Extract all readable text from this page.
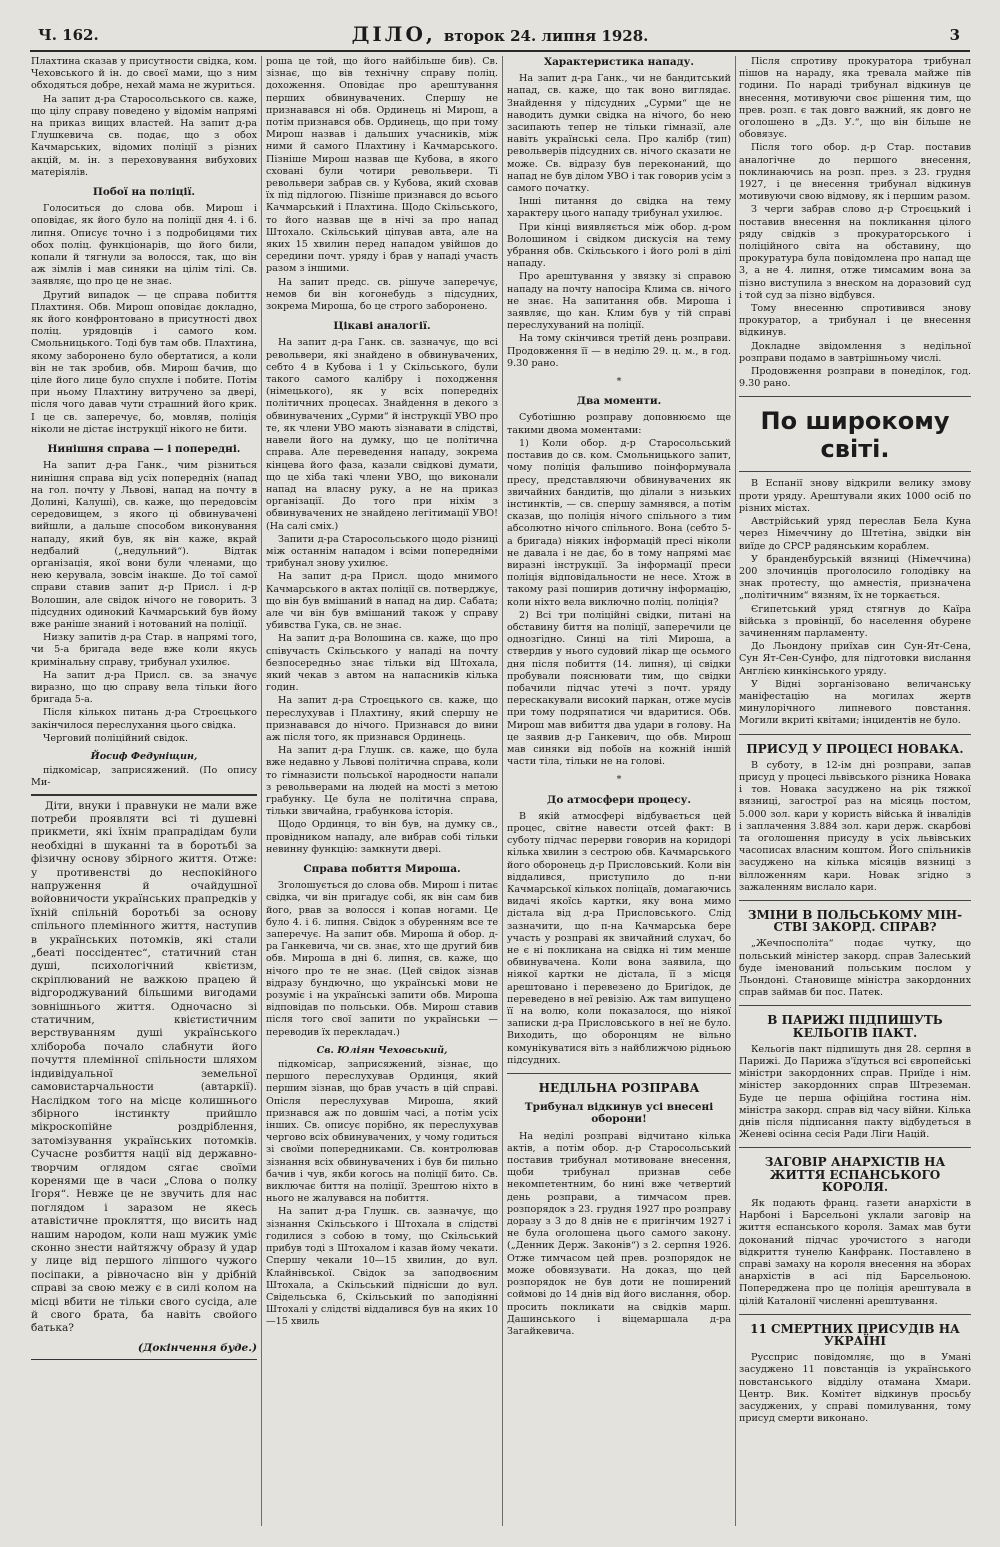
Ч. 162.	ДІЛО, второк 24. липня 1928.	3

Плахтина сказав у присутности свідка, ком. Чеховського й ін. до своєї мами, що з ним обходяться добре, нехай мама не журиться.

На запит д-ра Старосольського св. каже, що цілу справу поведено у відомім напрямі на приказ вищих властей. На запит д-ра Глушкевича св. подає, що з обох Качмарських, відомих поліції з різних акцій, м. ін. з переховування вибухових матеріялів.

Побої на поліції.

Голоситься до слова обв. Мирош і оповідає, як його було на поліції дня 4. і 6. липня. Описує точно і з подробицями тих обох поліц. функціонарів, що його били, копали й тягнули за волосся, так, що він аж зімлів і мав синяки на цілім тілі. Св. заявляє, що про це не знає.

Другий випадок — це справа побиття Плахтиня. Обв. Мирош оповідає докладно, як його конфронтовано в присутності двох поліц. урядовців і самого ком. Смольницького. Тоді був там обв. Плахтина, якому заборонено було обертатися, а коли він не так зробив, обв. Мирош бачив, що ціле його лице було спухле і побите. Потім при ньому Плахтину витручено за двері, після чого давав чути страшний його крик. І це св. заперечує, бо, мовляв, поліція ніколи не дістає інструкції нікого не бити.

Нинішня справа — і попередні.

На запит д-ра Ганк., чим різниться нинішня справа від усіх попередніх (напад на гол. почту у Львові, напад на почту в Долині, Калуші), св. каже, що передовсім середовищем, з якого ці обвинувачені вийшли, а дальше способом виконування нападу, який був, як він каже, вкрай недбалий („недульний“). Відтак організація, якої вони були членами, що нею керувала, зовсім інакше. До тої самої справи ставив запит д-р Присл. і д-р Волошин, але свідок нічого не говорить. З підсудних одинокий Качмарський був йому вже раніше знаний і нотований на поліції.

Низку запитів д-ра Стар. в напрямі того, чи 5-а бригада веде вже коли якусь кримінальну справу, трибунал ухилює.

На запит д-ра Присл. св. за значує виразно, що цю справу вела тільки його бригада 5-а.

Після кількох питань д-ра Строєцького закінчилося переслухання цього свідка.

Черговий поліційний свідок.

Йосиф Федуніщин,

підкомісар, заприсяжений. (По опису Ми-

Діти, внуки і правнуки не мали вже потреби проявляти всі ті душевні прикмети, які їхнім прапрадідам були необхідні в шуканні та в боротьбі за фізичну основу збірного життя. Отже: у противенстві до неспокійного напруження й очайдушної войовничости українських прапредків у їхній спільній боротьбі за основу спільного племінного життя, наступив в українських потомків, які стали „беаті поссідентес“, статичний стан душі, психологічний квієтизм, скріплюваний не важкою працею й відгороджуваний більшими вигодами зовнішнього життя. Одночасно зі статичним, квієтистичним верствуванням душі українського хлібороба почало слабнути його почуття племінної спільности шляхом індивідуальної земельної самовистарчальности (автаркії). Наслідком того на місце колишнього збірного інстинкту прийшло мікроскопійне роздріблення, затомізування українських потомків. Сучасне розбиття нації від державно-творчим оглядом сягає своїми коренями ще в часи „Слова о полку Ігоря“. Невже це не звучить для нас поглядом і заразом не якесь атавістичне прокляття, що висить над нашим народом, коли наш мужик уміє сконно знести найтяжчу образу й удар у лице від першого ліпшого чужого посіпаки, а рівночасно він у дрібній справі за свою межу є в силі колом на місці вбити не тільки свого сусіда, але й свого брата, ба навіть свойого батька?

(Докінчення буде.)

роша це той, що його найбільше бив). Св. зізнає, що вів технічну справу поліц. дохоження. Оповідає про арештування перших обвинувачених. Спершу не признавався ні обв. Ординець ні Мирош, а потім признався обв. Ординець, що при тому Мирош назвав і дальших учасників, між ними й самого Плахтину і Качмарського. Пізніше Мирош назвав ще Кубова, в якого сховані були чотири револьвери. Ті револьвери забрав св. у Кубова, який сховав їх під підлогою. Пізніше признався до всього Качмарський і Плахтина. Щодо Скільського, то його назвав ще в нічі за про напад Штохало. Скільський ціпував авта, але на яких 15 хвилин перед нападом увійшов до середини почт. уряду і брав у нападі участь разом з іншими.

На запит предс. св. рішуче заперечує, немов би він когонебудь з підсудних, зокрема Мироша, бо це строго заборонено.

Цікаві аналогії.

На запит д-ра Ганк. св. зазначує, що всі револьвери, які знайдено в обвинувачених, себто 4 в Кубова і 1 у Скільського, були такого самого калібру і походження (німецького), як у всіх попередніх політичних процесах. Знайдення в декого з обвинувачених „Сурми“ й інструкції УВО про те, як члени УВО мають зізнавати в слідстві, навели його на думку, що це політична справа. Але переведення нападу, зокрема кінцева його фаза, казали свідкові думати, що це хіба такі члени УВО, що виконали напад на власну руку, а не на приказ організації. До того при ніхім з обвинувачених не знайдено легітимації УВО! (На салі сміх.)

Запити д-ра Старосольського щодо різниці між останнім нападом і всіми попередніми трибунал знову ухилює.

На запит д-ра Присл. щодо мнимого Качмарського в актах поліції св. потверджує, що він був вмішаний в напад на дир. Сабата; але чи він був вмішаний також у справу убивства Гука, св. не знає.

На запит д-ра Волошина св. каже, що про співучасть Скільського у нападі на почту безпосередньо знає тільки від Штохала, який чекав з автом на напасників кілька годин.

На запит д-ра Строєцького св. каже, що переслухував і Плахтину, який спершу не признавався до нічого. Признався до вини аж після того, як признався Ординець.

На запит д-ра Глушк. св. каже, що була вже недавно у Львові політична справа, коли то гімназисти польської народности напали з револьверами на людей на мості з метою грабунку. Це була не політична справа, тільки звичайна, грабункова історія.

Щодо Ординця, то він був, на думку св., провідником нападу, але вибрав собі тільки невинну функцію: замкнути двері.

Справа побиття Мироша.

Зголошується до слова обв. Мирош і питає свідка, чи він пригадує собі, як він сам бив його, рвав за волосся і копав ногами. Це було 4. і 6. липня. Свідок з обуренням все те заперечує. На запит обв. Мироша й обор. д-ра Ганкевича, чи св. знає, хто ще другий бив обв. Мироша в дні 6. липня, св. каже, що нічого про те не знає. (Цей свідок зізнав відразу бундючно, що українські мови не розуміє і на українські запити обв. Мироша відповідав по польськи. Обв. Мирош ставив після того свої запити по українськи — переводив їх перекладач.)

Св. Юліян Чеховський,

підкомісар, заприсяжений, зізнає, що першого переслухував Ординця, який першим зізнав, що брав участь в цій справі. Опісля переслухував Мироша, який признався аж по довшім часі, а потім усіх інших. Св. описує порібно, як переслухував чергово всіх обвинувачених, у чому годиться зі своїми попередниками. Св. контролював зізнання всіх обвинувачених і був би пильно бачив і чув, якби когось на поліції бито. Св. виключає биття на поліції. Зрештою ніхто в нього не жалувався на побиття.

На запит д-ра Глушк. св. зазначує, що зізнання Скільського і Штохала в слідстві годилися з собою в тому, що Скільський прибув тоді з Штохалом і казав йому чекати. Спершу чекали 10—15 хвилин, до вул. Клайнівської. Свідок за заподвоєним Штохала, а Скільський піднісши до вул. Свідельська 6, Скільський по заподіянні Штохалі у слідстві віддалився був на яких 10—15 хвиль

Характеристика нападу.

На запит д-ра Ганк., чи не бандитський напад, св. каже, що так воно виглядає. Знайдення у підсудних „Сурми“ ще не наводить думки свідка на нічого, бо нею засипають тепер не тільки гімназії, але навіть українські села. Про калібр (тип) револьверів підсудних св. нічого сказати не може. Св. відразу був переконаний, що напад не був ділом УВО і так говорив усім з самого початку.

Інші питання до свідка на тему характеру цього нападу трибунал ухилює.

При кінці виявляється між обор. д-ром Волошином і свідком дискусія на тему убрання обв. Скільського і його ролі в ділі нападу.

Про арештування у звязку зі справою нападу на почту напосіра Клима св. нічого не знає. На запитання обв. Мироша і заявляє, що кан. Клим був у тій справі переслухуваний на поліції.

На тому скінчився третій день розправи. Продовження її — в неділю 29. ц. м., в год. 9.30 рано.

*
Два моменти.

Суботішню розправу доповнюємо ще такими двома моментами:

1) Коли обор. д-р Старосольський поставив до св. ком. Смольницького запит, чому поліція фальшиво поінформувала пресу, представляючи обвинувачених як звичайних бандитів, що ділали з низьких інстинктів, — св. спершу замнявся, а потім сказав, що поліція нічого спільного з тим абсолютно нічого спільного. Вона (себто 5-а бригада) ніяких інформацій пресі ніколи не давала і не дає, бо в тому напрямі має виразні інструкції. За інформації преси поліція відповідальности не несе. Хтож в такому разі поширив дотичну інформацію, коли ніхто вела виключно поліц. поліція?

2) Всі три поліційні свідки, питані на обставину биття на поліції, заперечили це однозгідно. Синці на тілі Мироша, а ствердив у нього судовий лікар ще осьмого дня після побиття (14. липня), ці свідки пробували пояснювати тим, що свідки побачили підчас утечі з почт. уряду перескакували високий паркан, отже мусів при тому подряпатися чи вдаритися. Обв. Мирош мав вибиття два удари в голову. На це заявив д-р Ганкевич, що обв. Мирош мав синяки від побоїв на кожній іншій части тіла, тільки не на голові.

*
До атмосфери процесу.

В якій атмосфері відбувається цей процес, світне навести отсей факт: В суботу підчас перерви говорив на коридорі кілька хвилин з сестрою обв. Качмарського його оборонець д-р Присловський. Коли він віддалився, приступило до п-ни Качмарської кількох поліцаїв, домагаючись видачі якоїсь картки, яку вона мимо дістала від д-ра Присловського. Слід зазначити, що п-на Качмарська бере участь у розправі як звичайний слухач, бо не є ні покликана на свідка ні тим менше обвинувачена. Коли вона заявила, що ніякої картки не дістала, її з місця арештовано і перевезено до Бригідок, де переведено в неї ревізію. Аж там випущено її на волю, коли показалося, що ніякої записки д-ра Присловського в неї не було. Виходить, що оборонцям не вільно комунікуватися віть з найближчою рідньою підсудних.

НЕДІЛЬНА РОЗПРАВА
Трибунал відкинув усі внесені оборони!

На неділі розправі відчитано кілька актів, а потім обор. д-р Старосольський поставив трибунал мотивоване внесення, щоби трибунал признав себе некомпетентним, бо нині вже четвертий день розправи, а тимчасом прев. розпорядок з 23. грудня 1927 про розправу доразу з 3 до 8 днів не є пригінчим 1927 і не була оголошена цього самого закону. („Денник Держ. Законів“) з 2. серпня 1926. Отже тимчасом цей прев. розпорядок не може обовязувати. На доказ, що цей розпорядок не був доти не поширений соймові до 14 днів від його вислання, обор. просить покликати на свідків марш. Дашинського і віцемаршала д-ра Загайкевича.

Після спротиву прокуратора трибунал пішов на нараду, яка тревала майже пів години. По нараді трибунал відкинув це внесення, мотивуючи своє рішення тим, що прев. розп. є так довго важний, як довго не оголошено в „Дз. У.“, що він більше не обовязує.

Після того обор. д-р Стар. поставив аналогічне до першого внесення, поклинаючись на розп. през. з 23. грудня 1927, і це внесення трибунал відкинув мотивуючи свою відмову, як і першим разом.

З черги забрав слово д-р Строєцький і поставив внесення на покликання цілого ряду свідків з прокураторського і поліційного світа на обставину, що прокуратура була повідомлена про напад ще 3, а не 4. липня, отже тимсамим вона за пізно виступила з внеском на доразовий суд і той суд за пізно відбувся.

Тому внесенню спротивився знову прокуратор, а трибунал і це внесення відкинув.

Докладне звідомлення з недільної розправи подамо в завтрішньому числі.

Продовження розправи в понеділок, год. 9.30 рано.

По широкому світі.

В Еспанії знову відкрили велику змову проти уряду. Арештували яких 1000 осіб по різних містах.

Австрійський уряд переслав Бела Куна через Німеччину до Штетіна, звідки він виїде до СРСР радянським кораблем.

У бранденбурській вязниці (Німеччина) 200 злочинців проголосило голодівку на знак протесту, що амнестія, призначена „політичним“ вязням, їх не торкається.

Єгипетський уряд стягнув до Каїра війська з провінції, бо населення обурене зачиненням парламенту.

До Льондону приїхав син Сун-Ят-Сена, Сун Ят-Сен-Сунфо, для підготовки вислання Англією кинкінського уряду.

У Відні зорганізовано величанську маніфестацію на могилах жертв минулорічного липневого повстання. Могили вкриті квітами; інцидентів не було.

ПРИСУД У ПРОЦЕСІ НОВАКА.

В суботу, в 12-ім дні розправи, запав присуд у процесі львівського різника Новака і тов. Новака засуджено на рік тяжкої вязниці, загострої раз на місяць постом, 5.000 зол. кари у користь війська й інвалідів і заплачення 3.884 зол. кари держ. скарбові та оголошення присуду в усіх львівських часописах власним коштом. Його спільників засуджено на кілька місяців вязниці з вілложенням кари. Новак згідно з зажаленням вислало кари.

ЗМІНИ В ПОЛЬСЬКОМУ МІН-СТВІ ЗАКОРД. СПРАВ?

„Жечпосполіта“ подає чутку, що польський міністер закорд. справ Залеський буде іменований польським послом у Льондоні. Становище міністра закордонних справ займав би пос. Патек.

В ПАРИЖІ ПІДПИШУТЬ КЕЛЬОГІВ ПАКТ.

Кельогів пакт підпишуть дня 28. серпня в Парижі. До Парижа з'їдуться всі європейські міністри закордонних справ. Приїде і нім. міністер закордонних справ Штреземан. Буде це перша офіційна гостина нім. міністра закорд. справ від часу війни. Кілька днів після підписання пакту відбудеться в Женеві осінна сесія Ради Ліги Націй.

ЗАГОВІР АНАРХІСТІВ НА ЖИТТЯ ЕСПАНСЬКОГО КОРОЛЯ.

Як подають франц. газети анархісти в Нарбоні і Барсельоні уклали заговір на життя еспанського короля. Замах мав бути доконаний підчас урочистого з нагоди відкриття тунелю Канфранк. Поставлено в справі замаху на короля внесення на зборах анархістів в асі під Барсельоною. Попереджена про це поліція арештувала в цілій Каталонії численні арештування.

11 СМЕРТНИХ ПРИСУДІВ НА УКРАЇНІ

Руссприс повідомляє, що в Умані засуджено 11 повстанців із українського повстанського відділу отамана Хмари. Центр. Вик. Комітет відкинув просьбу засуджених, у справі помилування, тому присуд смерти виконано.
